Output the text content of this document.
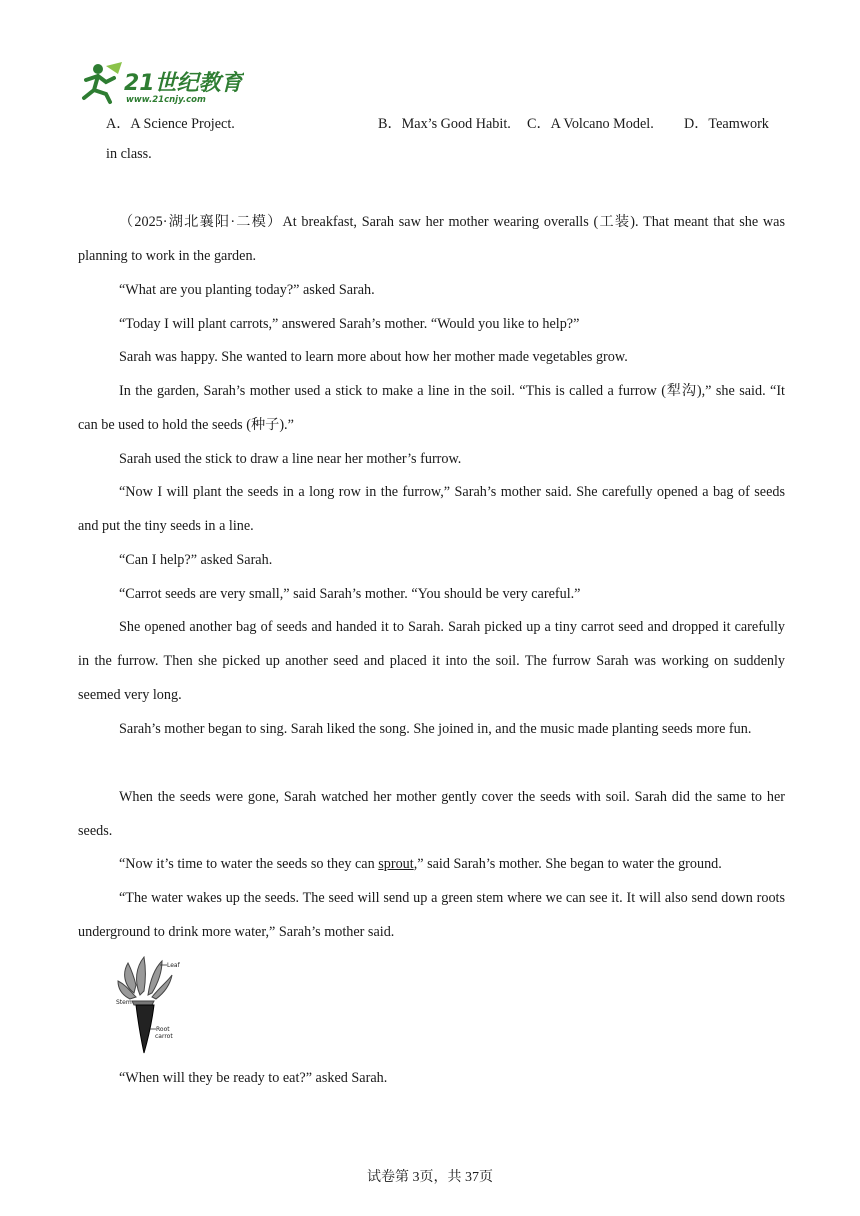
21世纪教育
www.21cnjy.com
A．A Science Project.	B．Max’s Good Habit. C．A Volcano Model. D．Teamwork
in class.
（2025·湖北襄阳·二模）At breakfast, Sarah saw her mother wearing overalls (工装). That meant that she was planning to work in the garden.
“What are you planting today?” asked Sarah.
“Today I will plant carrots,” answered Sarah’s mother. “Would you like to help?”
Sarah was happy. She wanted to learn more about how her mother made vegetables grow.
In the garden, Sarah’s mother used a stick to make a line in the soil. “This is called a furrow (犁沟),” she said. “It can be used to hold the seeds (种子).”
Sarah used the stick to draw a line near her mother’s furrow.
“Now I will plant the seeds in a long row in the furrow,” Sarah’s mother said. She carefully opened a bag of seeds and put the tiny seeds in a line.
“Can I help?” asked Sarah.
“Carrot seeds are very small,” said Sarah’s mother. “You should be very careful.”
She opened another bag of seeds and handed it to Sarah. Sarah picked up a tiny carrot seed and dropped it carefully in the furrow. Then she picked up another seed and placed it into the soil. The furrow Sarah was working on suddenly seemed very long.
Sarah’s mother began to sing. Sarah liked the song. She joined in, and the music made planting seeds more fun.
When the seeds were gone, Sarah watched her mother gently cover the seeds with soil. Sarah did the same to her seeds.
“Now it’s time to water the seeds so they can sprout,” said Sarah’s mother. She began to water the ground.
“The water wakes up the seeds. The seed will send up a green stem where we can see it. It will also send down roots underground to drink more water,” Sarah’s mother said.
Leaf
Stem
Root
carrot
“When will they be ready to eat?” asked Sarah.
试卷第 3页，共 37页
